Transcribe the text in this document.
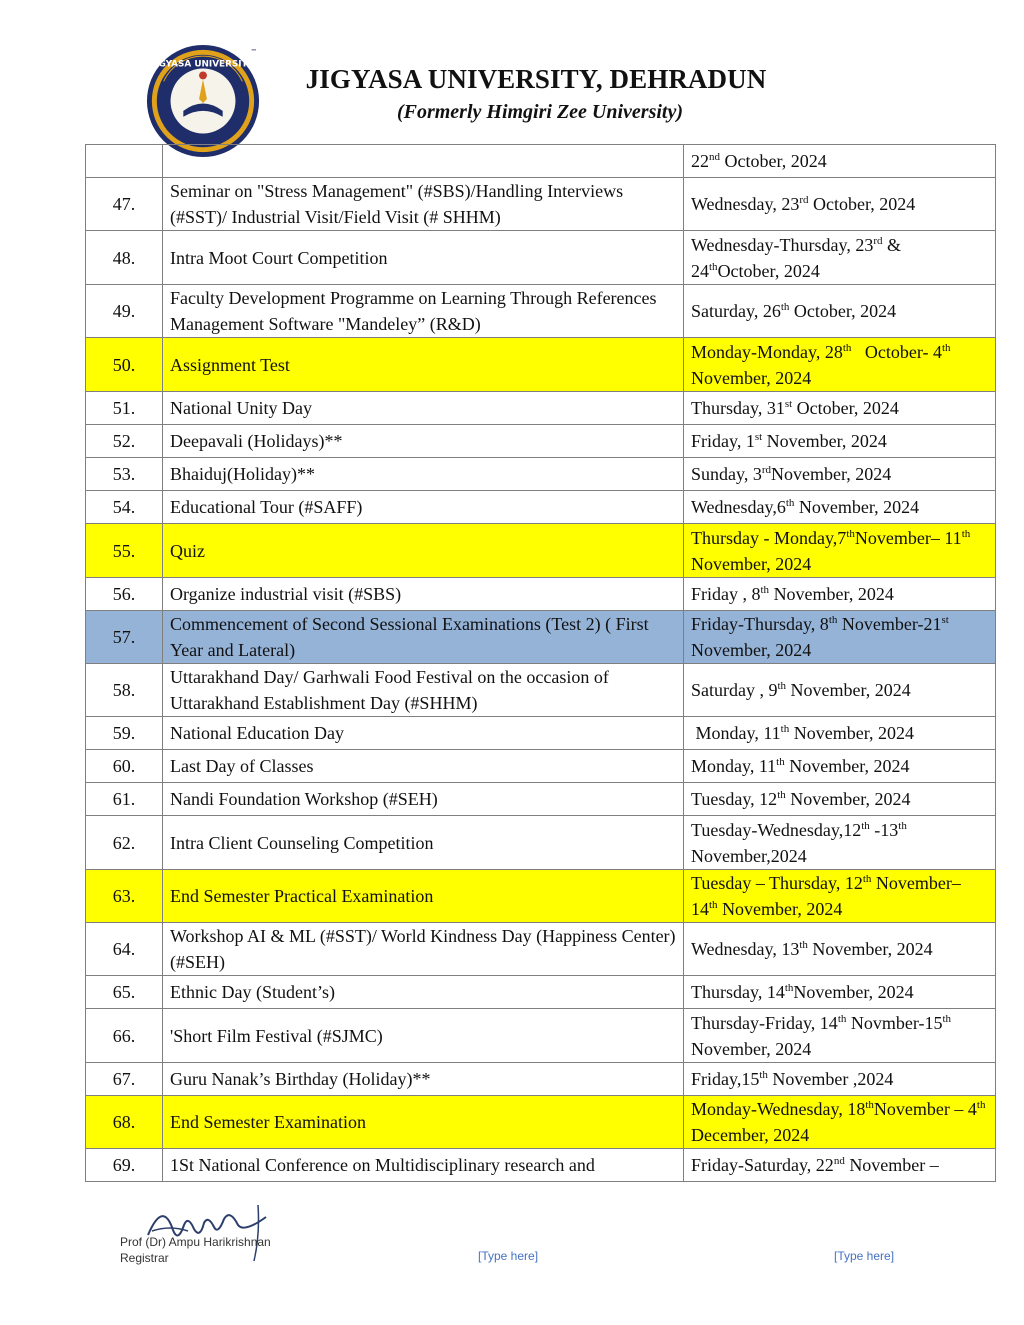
JIGYASA UNIVERSITY
™
JIGYASA UNIVERSITY, DEHRADUN
(Formerly Himgiri Zee University)
		22nd October, 2024
47.	Seminar on "Stress Management" (#SBS)/Handling Interviews (#SST)/ Industrial Visit/Field Visit (# SHHM)	Wednesday, 23rd October, 2024
48.	Intra Moot Court Competition	Wednesday-Thursday, 23rd & 24thOctober, 2024
49.	Faculty Development Programme on Learning Through References Management Software "Mandeley” (R&D)	Saturday, 26th October, 2024
50.	Assignment Test	Monday-Monday, 28th   October- 4th November, 2024
51.	National Unity Day	Thursday, 31st October, 2024
52.	Deepavali (Holidays)**	Friday, 1st November, 2024
53.	Bhaiduj(Holiday)**	Sunday, 3rdNovember, 2024
54.	Educational Tour (#SAFF)	Wednesday,6th November, 2024
55.	Quiz	Thursday - Monday,7thNovember– 11th November, 2024
56.	Organize industrial visit (#SBS)	Friday , 8th November, 2024
57.	Commencement of Second Sessional Examinations (Test 2) ( First Year and Lateral)	Friday-Thursday, 8th November-21st November, 2024
58.	Uttarakhand Day/ Garhwali Food Festival on the occasion of Uttarakhand Establishment Day (#SHHM)	Saturday , 9th November, 2024
59.	National Education Day	Monday, 11th November, 2024
60.	Last Day of Classes	Monday, 11th November, 2024
61.	Nandi Foundation Workshop (#SEH)	Tuesday, 12th November, 2024
62.	Intra Client Counseling Competition	Tuesday-Wednesday,12th -13th November,2024
63.	End Semester Practical Examination	Tuesday – Thursday, 12th November– 14th November, 2024
64.	Workshop AI & ML (#SST)/ World Kindness Day (Happiness Center) (#SEH)	Wednesday, 13th November, 2024
65.	Ethnic Day (Student’s)	Thursday, 14thNovember, 2024
66.	'Short Film Festival (#SJMC)	Thursday-Friday, 14th Novmber-15th November, 2024
67.	Guru Nanak’s Birthday (Holiday)**	Friday,15th November ,2024
68.	End Semester Examination	Monday-Wednesday, 18thNovember – 4th December, 2024
69.	1St National Conference on Multidisciplinary research and	Friday-Saturday, 22nd November –
Prof (Dr) Ampu Harikrishnan
Registrar	[Type here]	[Type here]
